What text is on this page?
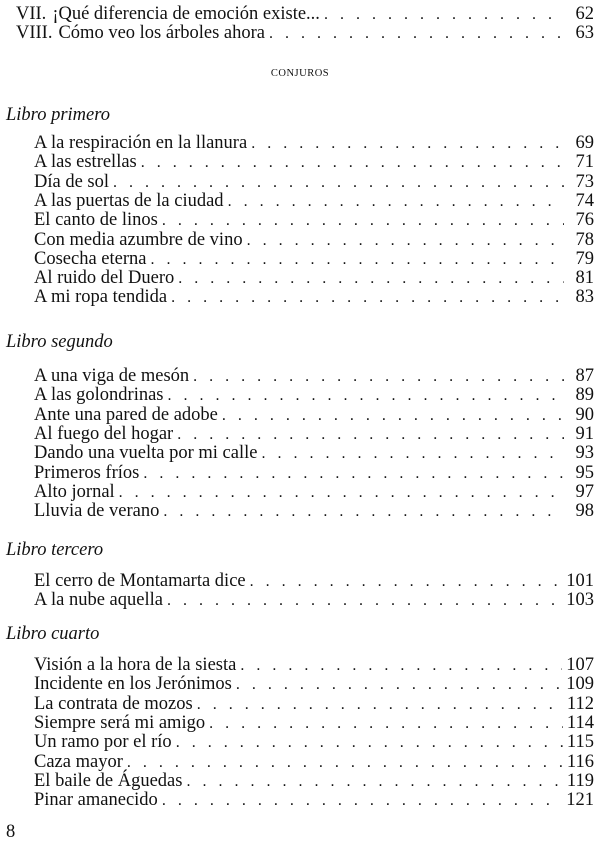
VII. ¡Qué diferencia de emoción existe... . . .	62
VIII. Cómo veo los árboles ahora . . .	63
CONJUROS
Libro primero
A la respiración en la llanura . . .	69
A las estrellas . . .	71
Día de sol . . .	73
A las puertas de la ciudad . . .	74
El canto de linos . . .	76
Con media azumbre de vino . . .	78
Cosecha eterna . . .	79
Al ruido del Duero . . .	81
A mi ropa tendida . . .	83
Libro segundo
A una viga de mesón . . .	87
A las golondrinas . . .	89
Ante una pared de adobe . . .	90
Al fuego del hogar . . .	91
Dando una vuelta por mi calle . . .	93
Primeros fríos . . .	95
Alto jornal . . .	97
Lluvia de verano . . .	98
Libro tercero
El cerro de Montamarta dice . . .	101
A la nube aquella . . .	103
Libro cuarto
Visión a la hora de la siesta . . .	107
Incidente en los Jerónimos . . .	109
La contrata de mozos . . .	112
Siempre será mi amigo . . .	114
Un ramo por el río . . .	115
Caza mayor . . .	116
El baile de Águedas . . .	119
Pinar amanecido . . .	121
8
